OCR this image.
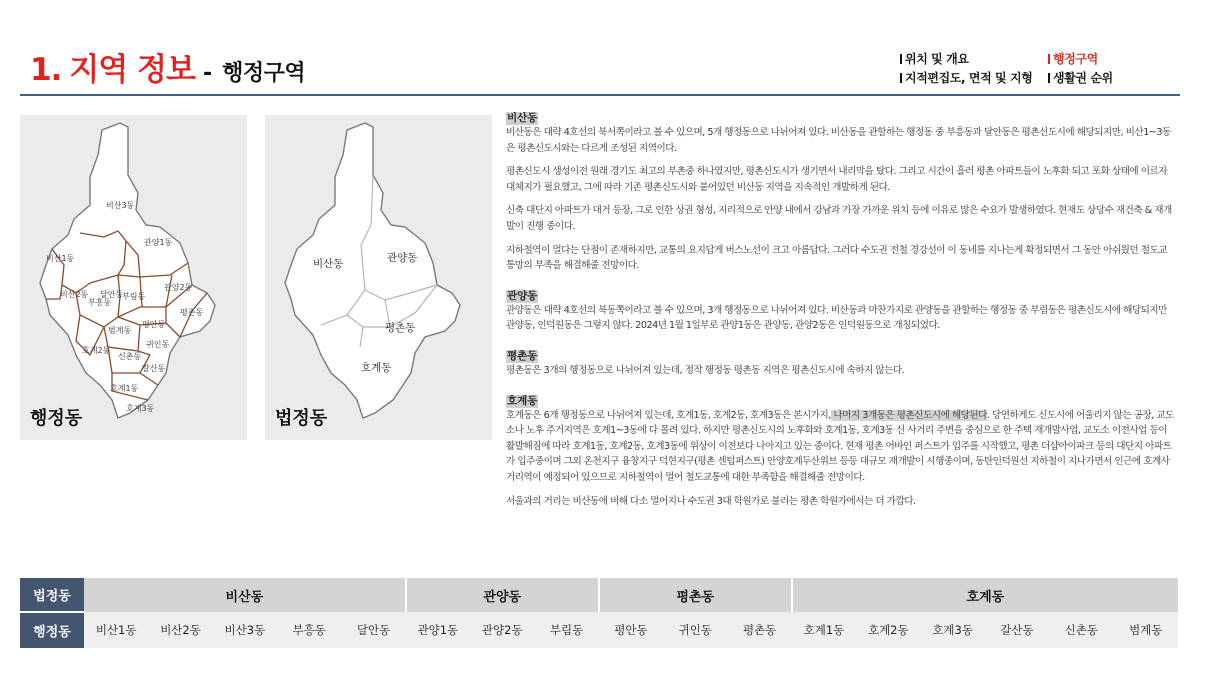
1. 지역 정보 - 행정구역
위치 및 개요	행정구역
지적편집도, 면적 및 지형	생활권 순위
비산3동
관양1동
비산1동
관양2동
비산2동 달안동
부흥동
부림동
평촌동
범계동
평안동
귀인동
호계2동
신촌동
갈산동
호계1동
호계3동
행정동
비산동	관양동
평촌동
호계동
법정동
비산동

비산동은 대략 4호선의 북서쪽이라고 볼 수 있으며, 5개 행정동으로 나뉘어져 있다. 비산동을 관할하는 행정동 중 부흥동과 달안동은 평촌신도시에 해당되지만, 비산1~3동은 평촌신도시와는 다르게 조성된 지역이다.

평촌신도시 생성이전 원래 경기도 최고의 부촌중 하나였지만, 평촌신도시가 생기면서 내리막을 탔다. 그리고 시간이 흘러 평촌 아파트들이 노후화 되고 포화 상태에 이르자 대체지가 필요했고, 그에 따라 기존 평촌신도시와 붙어있던 비산동 지역을 지속적인 개발하게 된다.

신축 대단지 아파트가 대거 등장, 그로 인한 상권 형성, 지리적으로 안양 내에서 강남과 가장 가까운 위치 등에 이유로 많은 수요가 발생하였다. 현재도 상당수 재건축 & 재개발이 진행 중이다.

지하철역이 멀다는 단점이 존재하지만, 교통의 요지답게 버스노선이 크고 아름답다. 그러다 수도권 전철 경강선이 이 동네를 지나는게 확정되면서 그 동안 아쉬웠던 철도교통망의 부족을 해결해줄 전망이다.

관양동

관양동은 대략 4호선의 북동쪽이라고 볼 수 있으며, 3개 행정동으로 나뉘어져 있다. 비산동과 마찬가지로 관양동을 관할하는 행정동 중 부림동은 평촌신도시에 해당되지만 관양동, 인덕원동은 그렇지 않다. 2024년 1월 1일부로 관양1동은 관양동, 관양2동은 인덕원동으로 개칭되었다.

평촌동

평촌동은 3개의 행정동으로 나뉘어져 있는데, 정작 행정동 평촌동 지역은 평촌신도시에 속하지 않는다.

호계동

호계동은 6개 행정동으로 나뉘어져 있는데, 호계1동, 호계2동, 호계3동은 본시가지, 나머지 3개동은 평촌신도시에 해당된다. 당연하게도 신도시에 어울리지 않는 공장, 교도소나 노후 주거지역은 호계1~3동에 다 몰려 있다. 하지만 평촌신도시의 노후화와 호계1동, 호계3동 신 사거리 주변을 중심으로 한 주택 재개발사업, 교도소 이전사업 등이 활발해짐에 따라 호계1동, 호계2동, 호계3동에 위상이 이전보다 나아지고 있는 중이다. 현재 평촌 어바인 퍼스트가 입주를 시작했고, 평촌 더샵아이파크 등의 대단지 아파트가 입주중이며 그외 온천지구 융창지구 덕현지구(평촌 센텀퍼스트) 안양호계두산위브 등등 대규모 재개발이 시행중이며, 동탄인덕원선 지하철이 지나가면서 인근에 호계사거리역이 예정되어 있으므로 지하철역이 멀어 철도교통에 대한 부족함을 해결해줄 전망이다.

서울과의 거리는 비산동에 비해 다소 멀어지나 수도권 3대 학원가로 불리는 평촌 학원가에서는 더 가깝다.

법정동	비산동					관양동			평촌동			호계동					
행정동	비산1동	비산2동	비산3동	부흥동	달안동	관양1동	관양2동	부림동	평안동	귀인동	평촌동	호계1동	호계2동	호계3동	갈산동	신촌동	범계동
